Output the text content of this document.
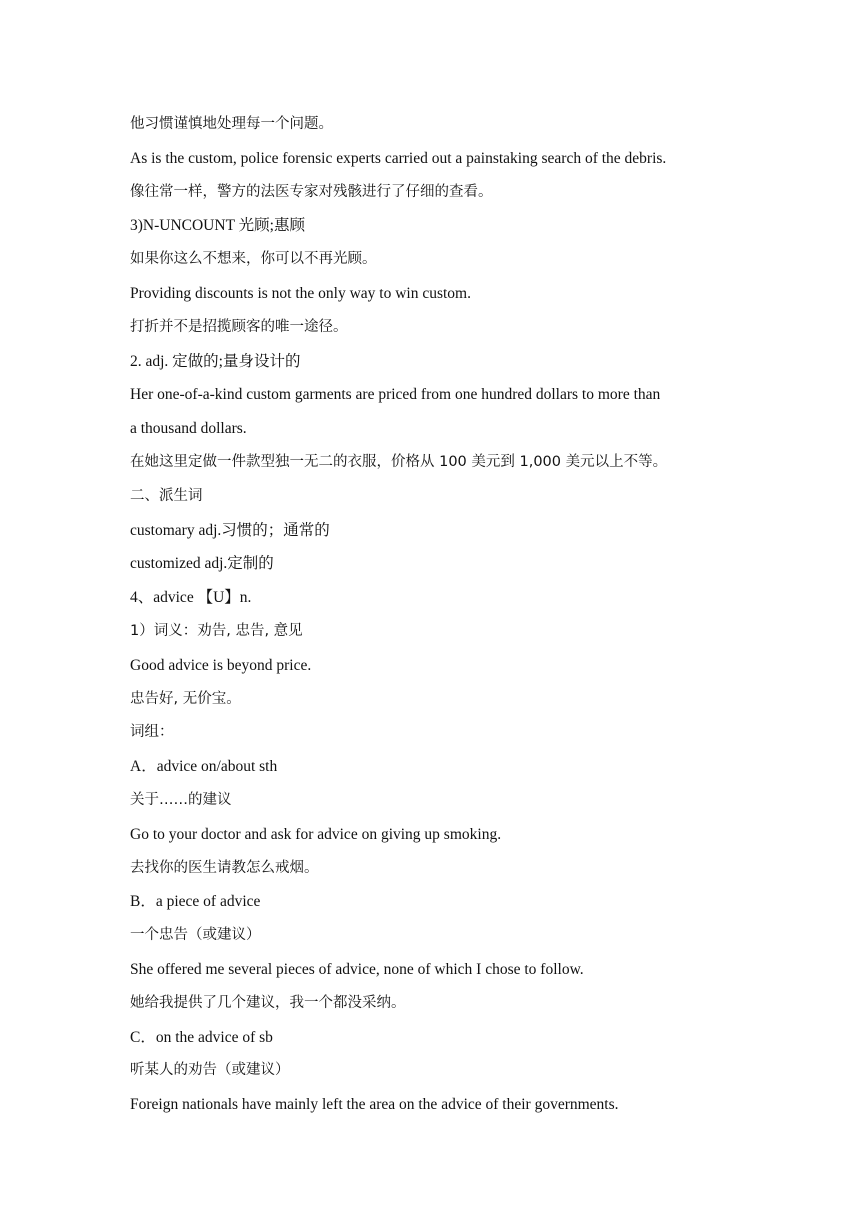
他习惯谨慎地处理每一个问题。
As is the custom, police forensic experts carried out a painstaking search of the debris.
像往常一样，警方的法医专家对残骸进行了仔细的查看。
3)N-UNCOUNT 光顾;惠顾
如果你这么不想来，你可以不再光顾。
Providing discounts is not the only way to win custom.
打折并不是招揽顾客的唯一途径。
2. adj. 定做的;量身设计的
Her one-of-a-kind custom garments are priced from one hundred dollars to more than
a thousand dollars.
在她这里定做一件款型独一无二的衣服，价格从 100 美元到 1,000 美元以上不等。
二、派生词
customary adj.习惯的；通常的
customized adj.定制的
4、advice 【U】n.
1）词义：劝告, 忠告, 意见
Good advice is beyond price.
忠告好, 无价宝。
词组：
A．advice on/about sth
关于……的建议
Go to your doctor and ask for advice on giving up smoking.
去找你的医生请教怎么戒烟。
B．a piece of advice
一个忠告（或建议）
She offered me several pieces of advice, none of which I chose to follow.
她给我提供了几个建议，我一个都没采纳。
C．on the advice of sb
听某人的劝告（或建议）
Foreign nationals have mainly left the area on the advice of their governments.
